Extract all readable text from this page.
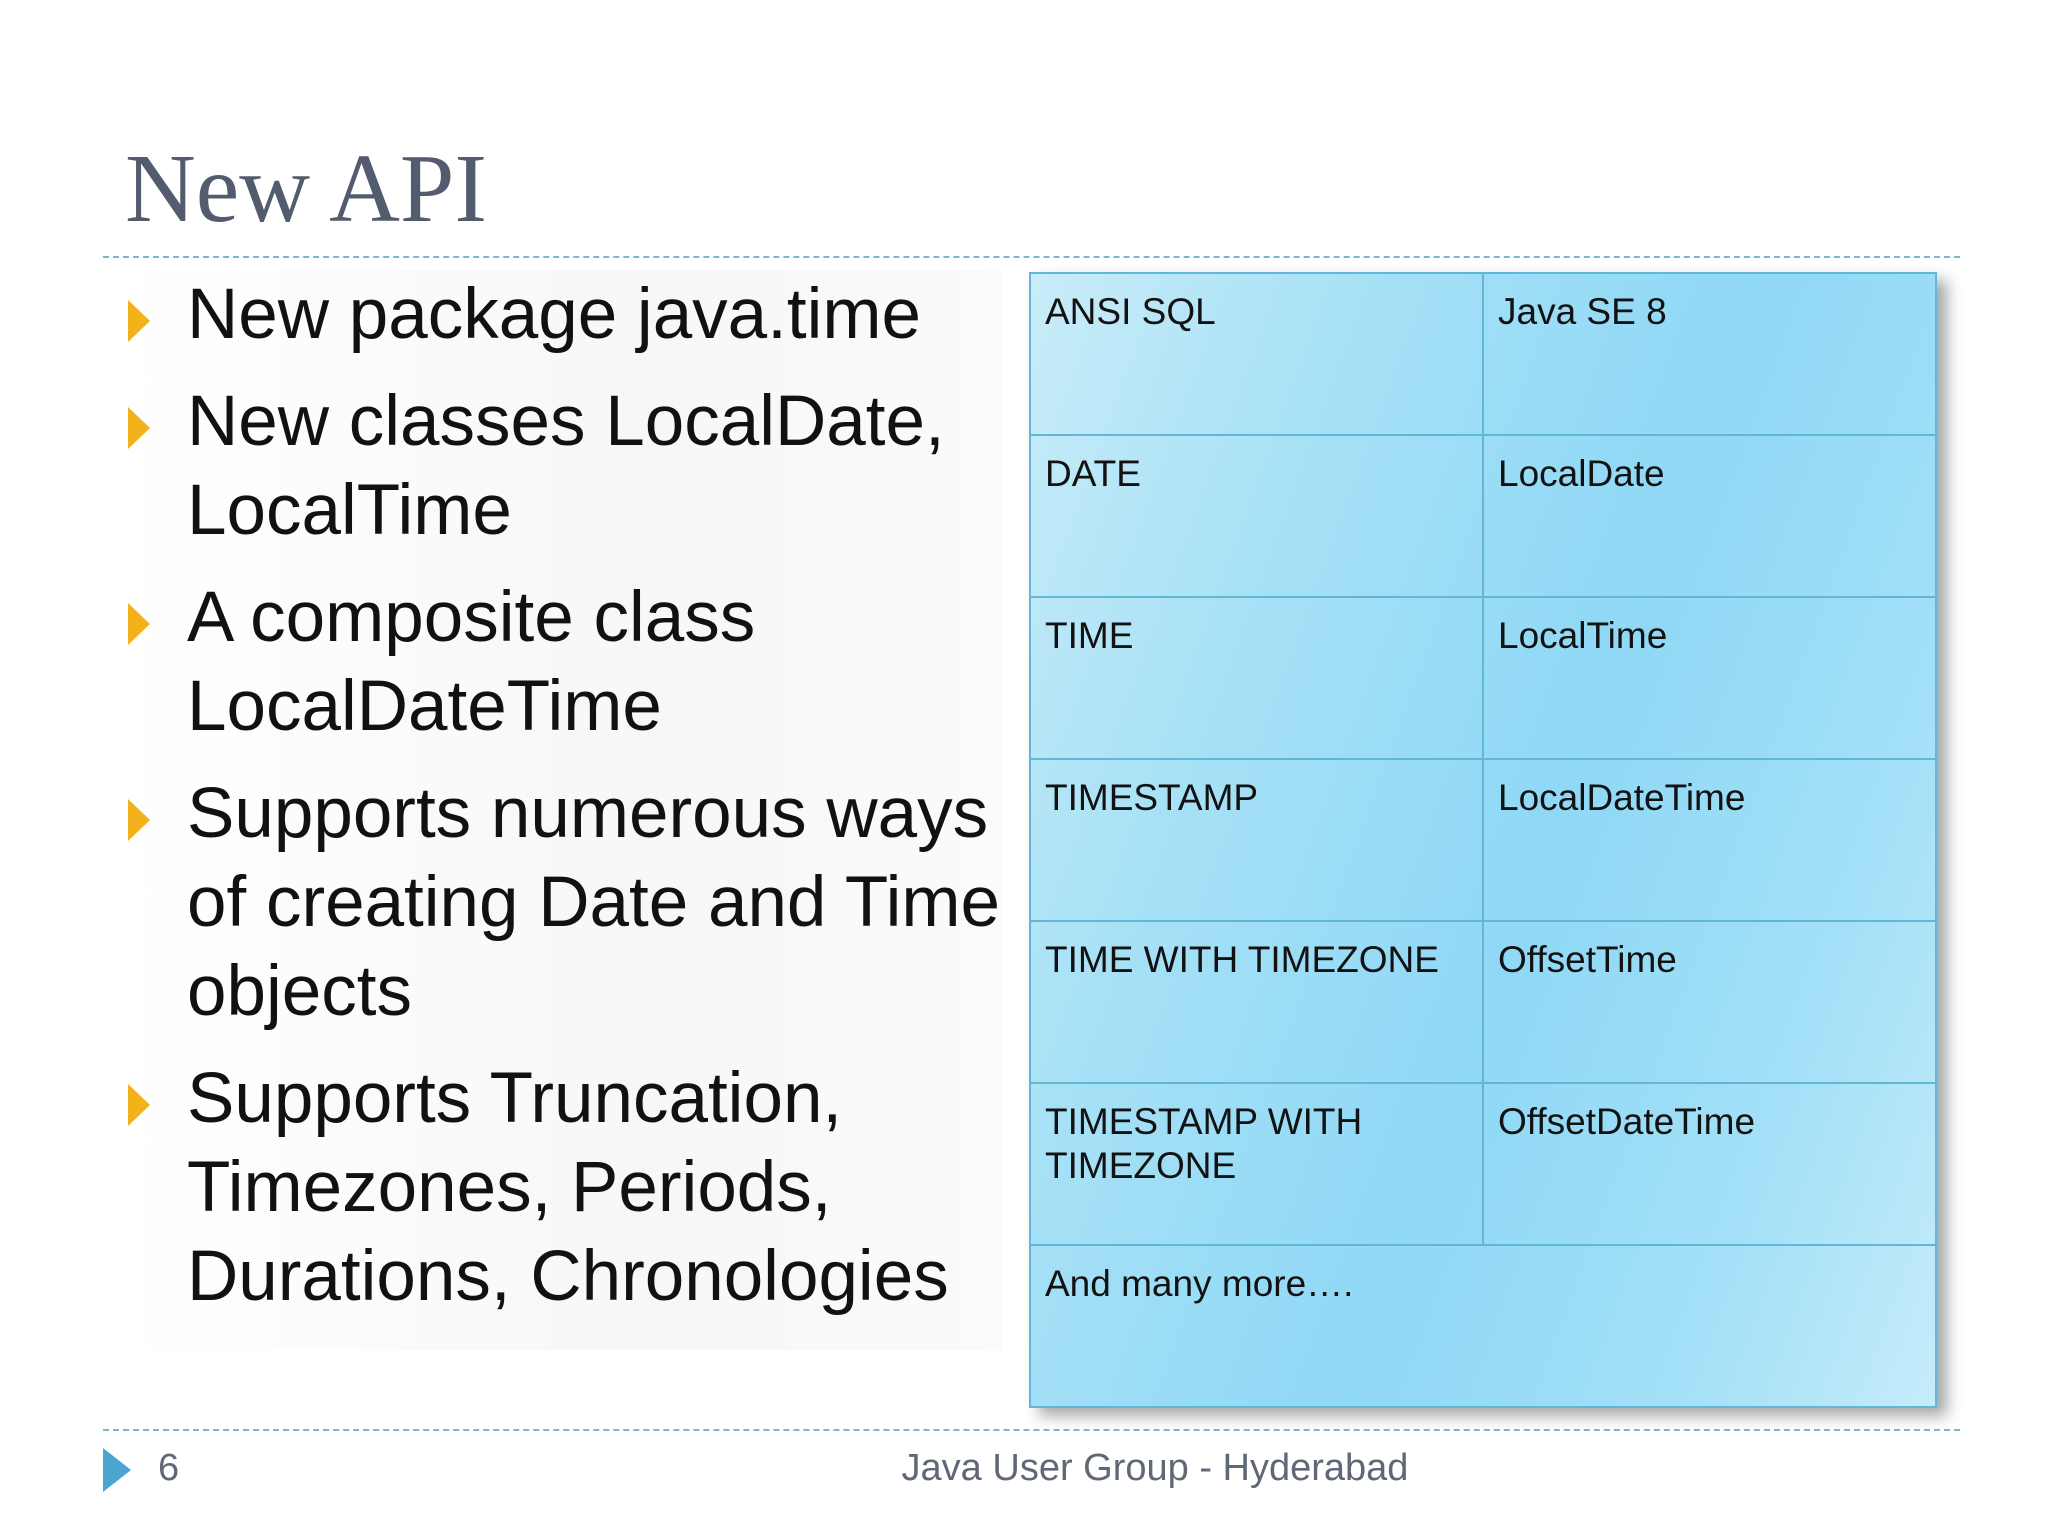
New API
New package java.time
New classes LocalDate, LocalTime
A composite class LocalDateTime
Supports numerous ways of creating Date and Time objects
Supports Truncation, Timezones, Periods, Durations, Chronologies
ANSI SQL	Java SE 8
DATE	LocalDate
TIME	LocalTime
TIMESTAMP	LocalDateTime
TIME WITH TIMEZONE	OffsetTime
TIMESTAMP WITH TIMEZONE	OffsetDateTime
And many more….	
6	Java User Group - Hyderabad
